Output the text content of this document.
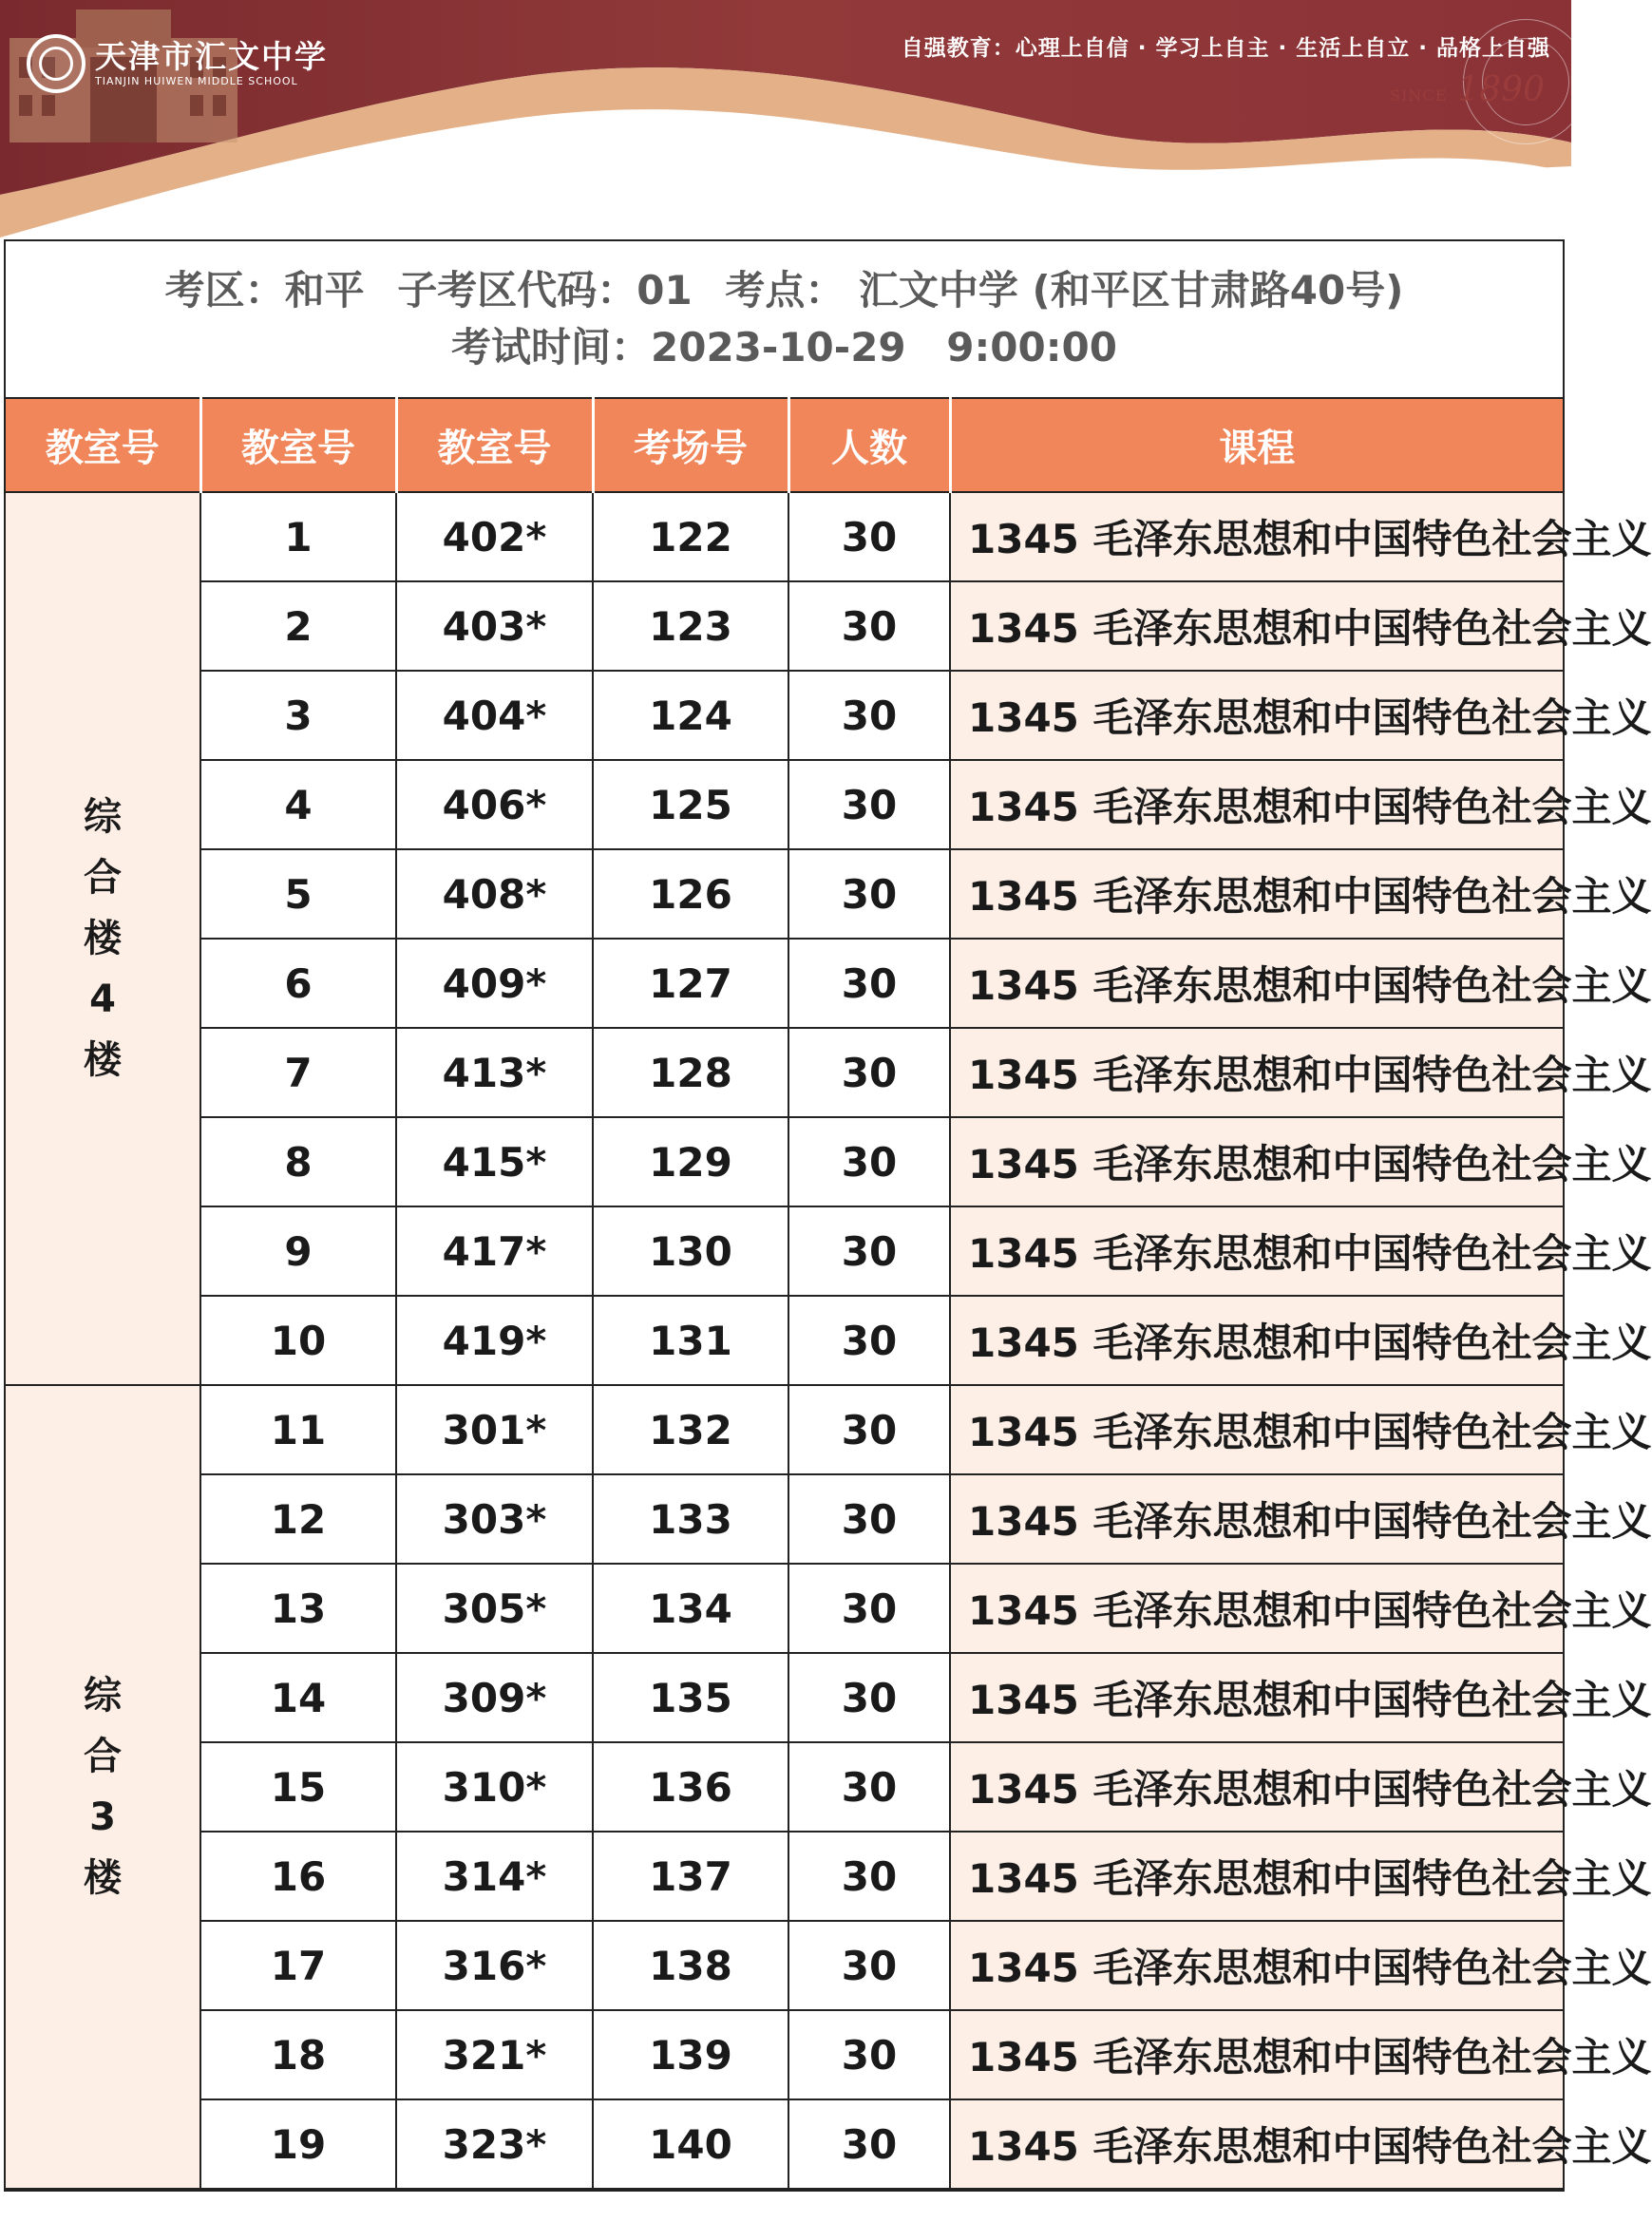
天津市汇文中学
TIANJIN HUIWEN MIDDLE SCHOOL
自强教育：心理上自信 · 学习上自主 · 生活上自立 · 品格上自强
SINCE 1890
考区：和平 子考区代码：01 考点： 汇文中学 (和平区甘肃路40号)
考试时间：2023-10-29 9:00:00
教室号	教室号	教室号	考场号	人数	课程

综
合
楼
4
楼	1	402*	122	30	1345 毛泽东思想和中国特色社会主义
	2	403*	123	30	1345 毛泽东思想和中国特色社会主义
	3	404*	124	30	1345 毛泽东思想和中国特色社会主义
	4	406*	125	30	1345 毛泽东思想和中国特色社会主义
	5	408*	126	30	1345 毛泽东思想和中国特色社会主义
	6	409*	127	30	1345 毛泽东思想和中国特色社会主义
	7	413*	128	30	1345 毛泽东思想和中国特色社会主义
	8	415*	129	30	1345 毛泽东思想和中国特色社会主义
	9	417*	130	30	1345 毛泽东思想和中国特色社会主义
	10	419*	131	30	1345 毛泽东思想和中国特色社会主义

综
合
3
楼	11	301*	132	30	1345 毛泽东思想和中国特色社会主义
	12	303*	133	30	1345 毛泽东思想和中国特色社会主义
	13	305*	134	30	1345 毛泽东思想和中国特色社会主义
	14	309*	135	30	1345 毛泽东思想和中国特色社会主义
	15	310*	136	30	1345 毛泽东思想和中国特色社会主义
	16	314*	137	30	1345 毛泽东思想和中国特色社会主义
	17	316*	138	30	1345 毛泽东思想和中国特色社会主义
	18	321*	139	30	1345 毛泽东思想和中国特色社会主义
	19	323*	140	30	1345 毛泽东思想和中国特色社会主义
